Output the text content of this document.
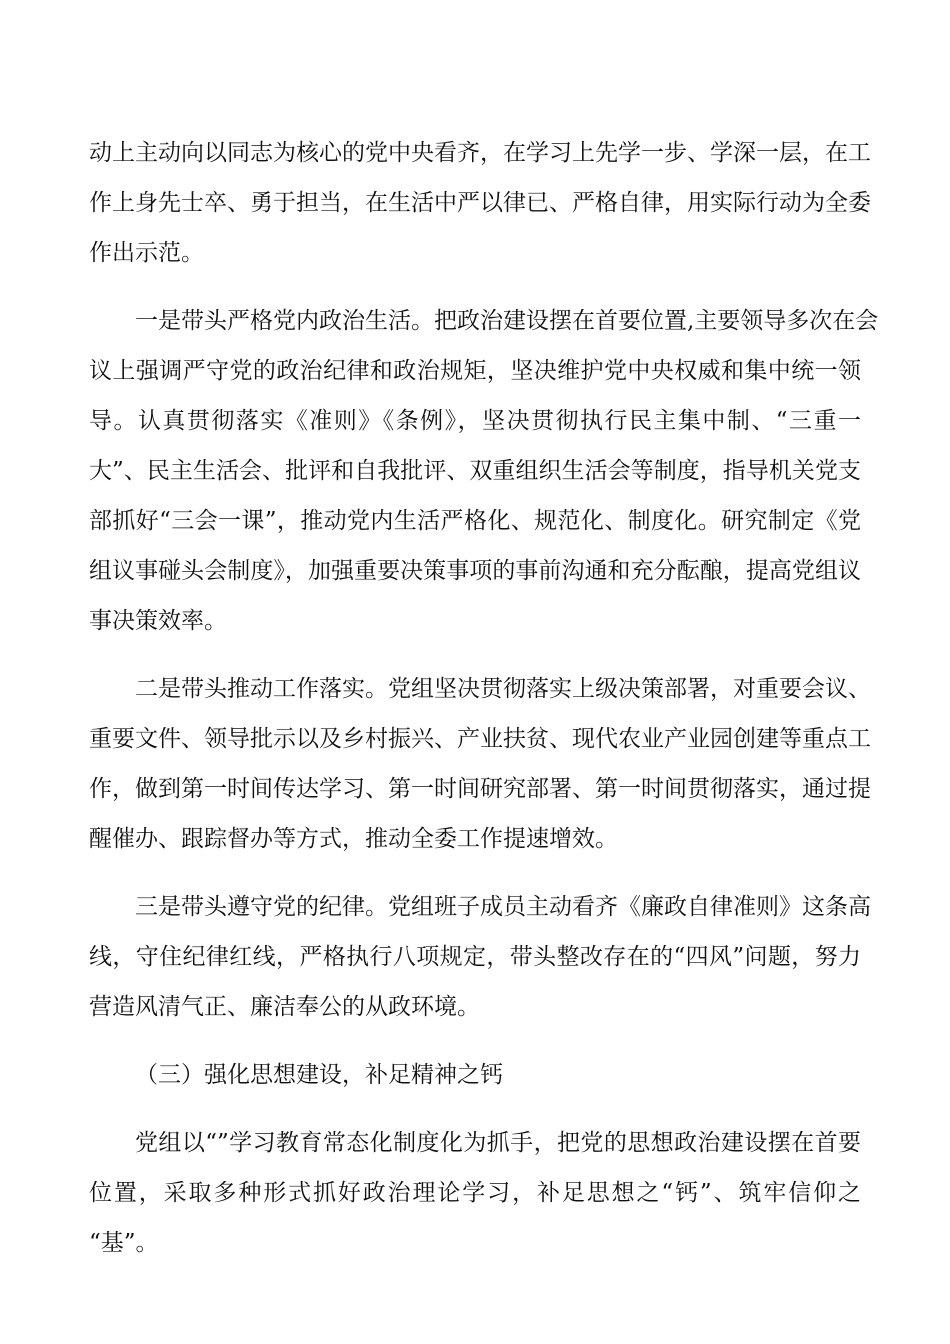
动上主动向以同志为核心的党中央看齐，在学习上先学一步、学深一层，在工
作上身先士卒、勇于担当，在生活中严以律已、严格自律，用实际行动为全委
作出示范。
一是带头严格党内政治生活。把政治建设摆在首要位置,主要领导多次在会
议上强调严守党的政治纪律和政治规矩，坚决维护党中央权威和集中统一领
导。认真贯彻落实《准则》《条例》，坚决贯彻执行民主集中制、“三重一
大”、民主生活会、批评和自我批评、双重组织生活会等制度，指导机关党支
部抓好“三会一课”，推动党内生活严格化、规范化、制度化。研究制定《党
组议事碰头会制度》，加强重要决策事项的事前沟通和充分酝酿，提高党组议
事决策效率。
二是带头推动工作落实。党组坚决贯彻落实上级决策部署，对重要会议、
重要文件、领导批示以及乡村振兴、产业扶贫、现代农业产业园创建等重点工
作，做到第一时间传达学习、第一时间研究部署、第一时间贯彻落实，通过提
醒催办、跟踪督办等方式，推动全委工作提速增效。
三是带头遵守党的纪律。党组班子成员主动看齐《廉政自律准则》这条高
线，守住纪律红线，严格执行八项规定，带头整改存在的“四风”问题，努力
营造风清气正、廉洁奉公的从政环境。
（三）强化思想建设，补足精神之钙
党组以“”学习教育常态化制度化为抓手，把党的思想政治建设摆在首要
位置，采取多种形式抓好政治理论学习，补足思想之“钙”、筑牢信仰之
“基”。
